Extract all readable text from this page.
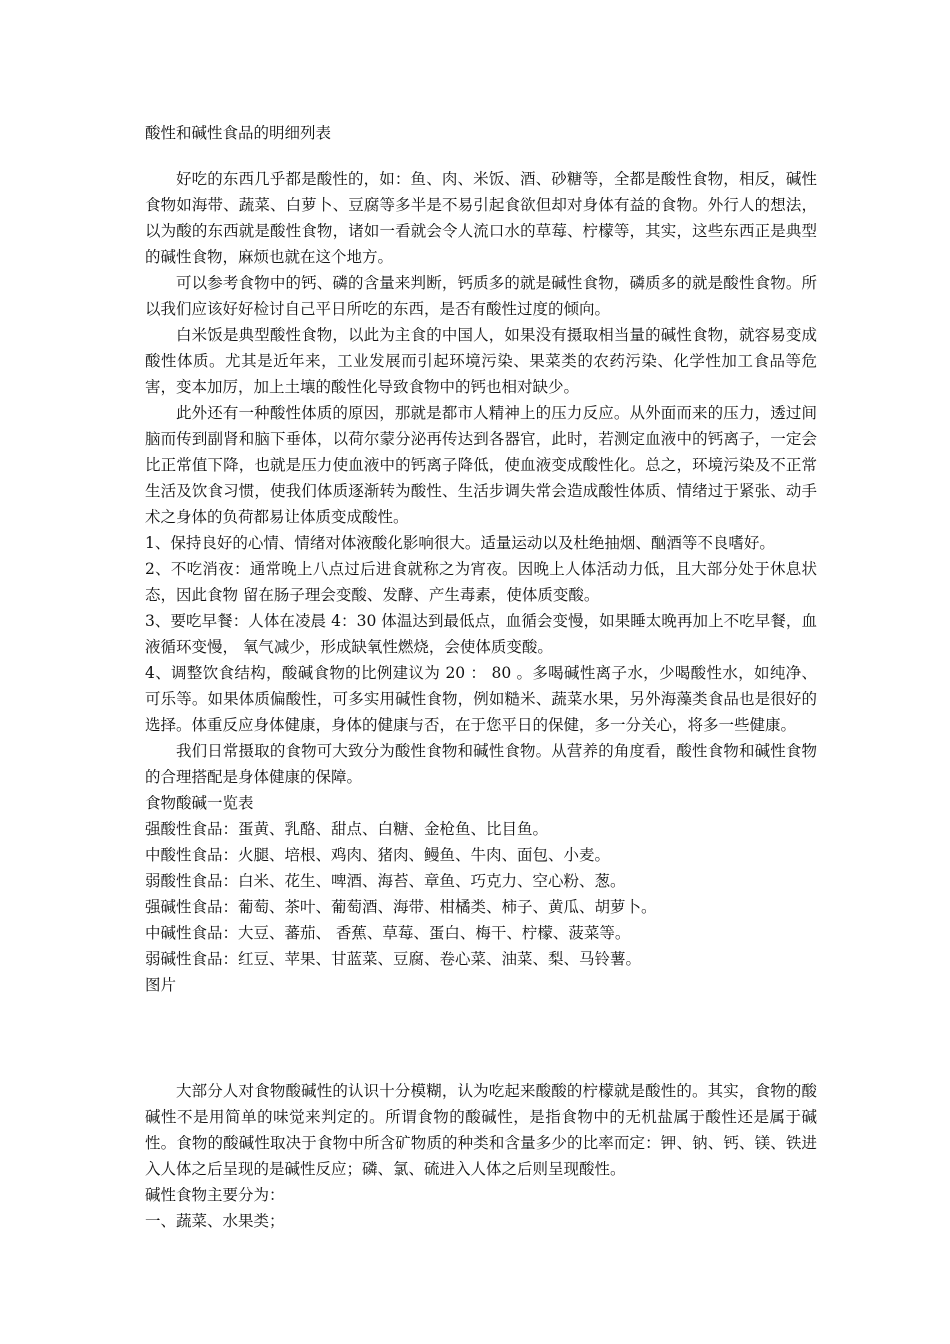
酸性和碱性食品的明细列表

好吃的东西几乎都是酸性的，如：鱼、肉、米饭、酒、砂糖等，全都是酸性食物，相反，碱性食物如海带、蔬菜、白萝卜、豆腐等多半是不易引起食欲但却对身体有益的食物。外行人的想法，以为酸的东西就是酸性食物，诸如一看就会令人流口水的草莓、柠檬等，其实，这些东西正是典型的碱性食物，麻烦也就在这个地方。

可以参考食物中的钙、磷的含量来判断，钙质多的就是碱性食物，磷质多的就是酸性食物。所以我们应该好好检讨自己平日所吃的东西，是否有酸性过度的倾向。

白米饭是典型酸性食物，以此为主食的中国人，如果没有摄取相当量的碱性食物，就容易变成酸性体质。尤其是近年来，工业发展而引起环境污染、果菜类的农药污染、化学性加工食品等危害，变本加厉，加上土壤的酸性化导致食物中的钙也相对缺少。

此外还有一种酸性体质的原因，那就是都市人精神上的压力反应。从外面而来的压力，透过间脑而传到副肾和脑下垂体，以荷尔蒙分泌再传达到各器官，此时，若测定血液中的钙离子，一定会比正常值下降，也就是压力使血液中的钙离子降低，使血液变成酸性化。总之，环境污染及不正常生活及饮食习惯，使我们体质逐渐转为酸性、生活步调失常会造成酸性体质、情绪过于紧张、动手术之身体的负荷都易让体质变成酸性。

1、保持良好的心情、情绪对体液酸化影响很大。适量运动以及杜绝抽烟、酗酒等不良嗜好。

2、不吃消夜：通常晚上八点过后进食就称之为宵夜。因晚上人体活动力低，且大部分处于休息状态，因此食物 留在肠子理会变酸、发酵、产生毒素，使体质变酸。

3、要吃早餐：人体在凌晨 4：30 体温达到最低点，血循会变慢，如果睡太晚再加上不吃早餐，血液循环变慢， 氧气减少，形成缺氧性燃烧，会使体质变酸。

4、调整饮食结构，酸碱食物的比例建议为 20 ： 80 。多喝碱性离子水，少喝酸性水，如纯净、可乐等。如果体质偏酸性，可多实用碱性食物，例如糙米、蔬菜水果，另外海藻类食品也是很好的选择。体重反应身体健康，身体的健康与否，在于您平日的保健，多一分关心，将多一些健康。

我们日常摄取的食物可大致分为酸性食物和碱性食物。从营养的角度看，酸性食物和碱性食物的合理搭配是身体健康的保障。

食物酸碱一览表

强酸性食品：蛋黄、乳酪、甜点、白糖、金枪鱼、比目鱼。

中酸性食品：火腿、培根、鸡肉、猪肉、鳗鱼、牛肉、面包、小麦。

弱酸性食品：白米、花生、啤酒、海苔、章鱼、巧克力、空心粉、葱。

强碱性食品：葡萄、茶叶、葡萄酒、海带、柑橘类、柿子、黄瓜、胡萝卜。

中碱性食品：大豆、蕃茄、 香蕉、草莓、蛋白、梅干、柠檬、菠菜等。

弱碱性食品：红豆、苹果、甘蓝菜、豆腐、卷心菜、油菜、梨、马铃薯。

图片

大部分人对食物酸碱性的认识十分模糊，认为吃起来酸酸的柠檬就是酸性的。其实，食物的酸碱性不是用简单的味觉来判定的。所谓食物的酸碱性，是指食物中的无机盐属于酸性还是属于碱性。食物的酸碱性取决于食物中所含矿物质的种类和含量多少的比率而定：钾、钠、钙、镁、铁进入人体之后呈现的是碱性反应；磷、氯、硫进入人体之后则呈现酸性。

碱性食物主要分为：

一、蔬菜、水果类；
